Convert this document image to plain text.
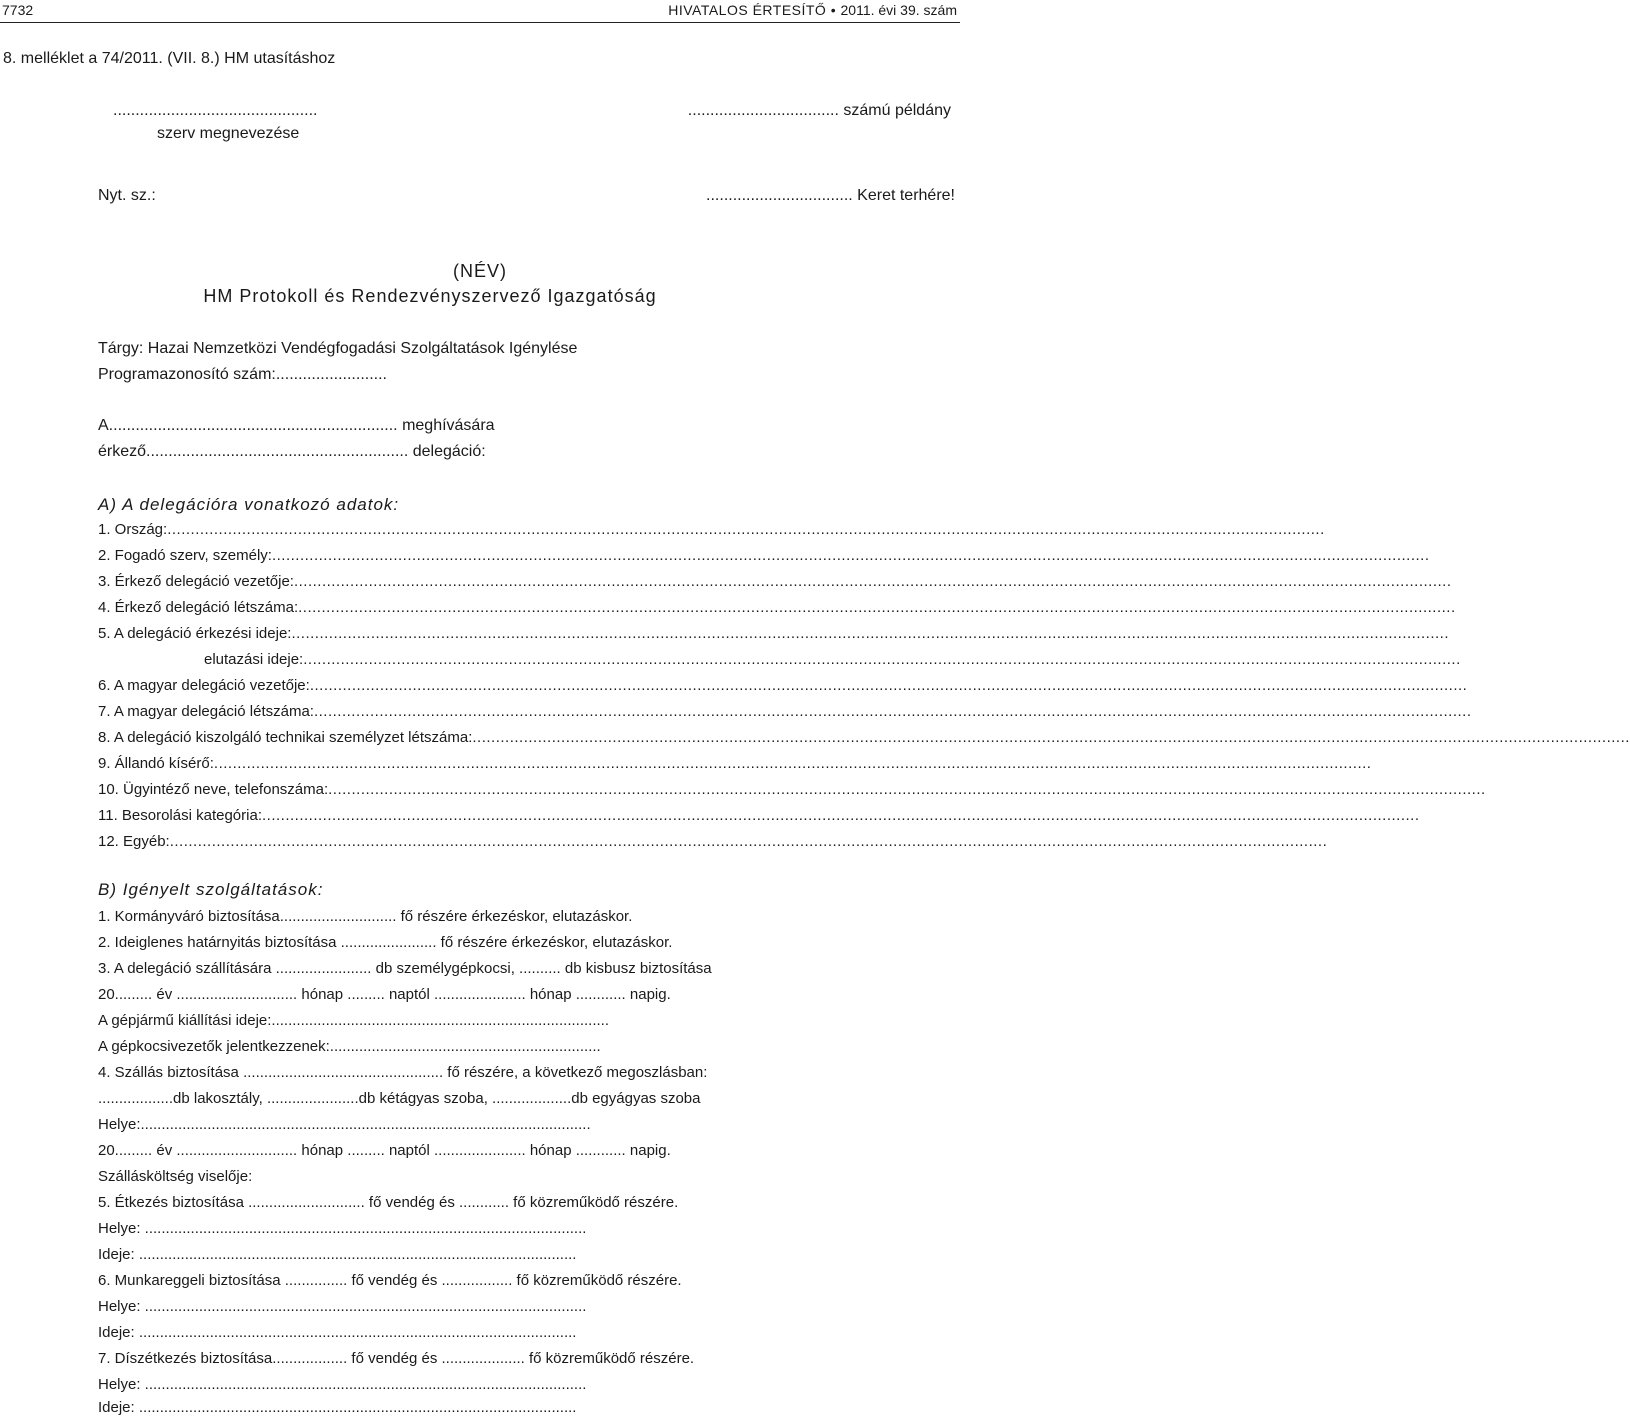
7732	HIVATALOS ÉRTESÍTŐ • 2011. évi 39. szám
8. melléklet a 74/2011. (VII. 8.) HM utasításhoz
..............................................
szerv megnevezése
.................................. számú példány
Nyt. sz.:	................................. Keret terhére!
(NÉV)
HM Protokoll és Rendezvényszervező Igazgatóság
Tárgy: Hazai Nemzetközi Vendégfogadási Szolgáltatások Igénylése
Programazonosító szám:.........................
A................................................................. meghívására
érkező........................................................... delegáció:
A) A delegációra vonatkozó adatok:
1. Ország: ........................................................................................................................................................................................................................................................
2. Fogadó szerv, személy: ........................................................................................................................................................................................................................................................
3. Érkező delegáció vezetője: ........................................................................................................................................................................................................................................................
4. Érkező delegáció létszáma: ........................................................................................................................................................................................................................................................
5. A delegáció érkezési ideje: ........................................................................................................................................................................................................................................................
elutazási ideje: ........................................................................................................................................................................................................................................................
6. A magyar delegáció vezetője: ........................................................................................................................................................................................................................................................
7. A magyar delegáció létszáma: ........................................................................................................................................................................................................................................................
8. A delegáció kiszolgáló technikai személyzet létszáma: ........................................................................................................................................................................................................................................................
9. Állandó kísérő: ........................................................................................................................................................................................................................................................
10. Ügyintéző neve, telefonszáma: ........................................................................................................................................................................................................................................................
11. Besorolási kategória: ........................................................................................................................................................................................................................................................
12. Egyéb: ........................................................................................................................................................................................................................................................
B) Igényelt szolgáltatások:
1. Kormányváró biztosítása............................ fő részére érkezéskor, elutazáskor.
2. Ideiglenes határnyitás biztosítása ....................... fő részére érkezéskor, elutazáskor.
3. A delegáció szállítására ....................... db személygépkocsi, .......... db kisbusz biztosítása
20......... év ............................. hónap ......... naptól ...................... hónap ............ napig.
A gépjármű kiállítási ideje:.................................................................................
A gépkocsivezetők jelentkezzenek:.................................................................
4. Szállás biztosítása ................................................ fő részére, a következő megoszlásban:
..................db lakosztály, ......................db kétágyas szoba, ...................db egyágyas szoba
Helye:............................................................................................................
20......... év ............................. hónap ......... naptól ...................... hónap ............ napig.
Szállásköltség viselője:
5. Étkezés biztosítása ............................ fő vendég és ............ fő közreműködő részére.
Helye: ..........................................................................................................
Ideje: .........................................................................................................
6. Munkareggeli biztosítása ............... fő vendég és ................. fő közreműködő részére.
Helye: ..........................................................................................................
Ideje: .........................................................................................................
7. Díszétkezés biztosítása.................. fő vendég és .................... fő közreműködő részére.
Helye: ..........................................................................................................
Ideje: .........................................................................................................
